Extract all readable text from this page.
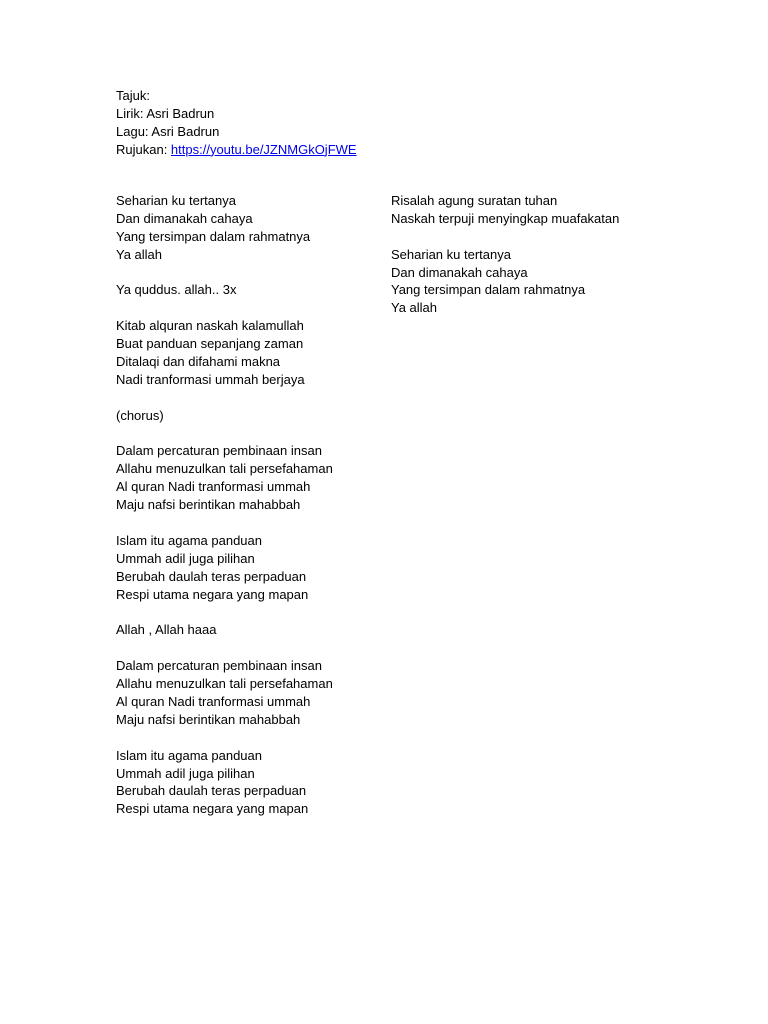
Tajuk:
Lirik: Asri Badrun
Lagu: Asri Badrun
Rujukan: https://youtu.be/JZNMGkOjFWE
Seharian ku tertanya
Dan dimanakah cahaya
Yang tersimpan dalam rahmatnya
Ya allah
Ya quddus. allah.. 3x
Kitab alquran naskah kalamullah
Buat panduan sepanjang zaman
Ditalaqi dan difahami makna
Nadi tranformasi ummah berjaya
(chorus)
Dalam percaturan pembinaan insan
Allahu menuzulkan tali persefahaman
Al quran Nadi tranformasi ummah
Maju nafsi berintikan mahabbah
Islam itu agama panduan
Ummah adil juga pilihan
Berubah daulah teras perpaduan
Respi utama negara yang mapan
Allah , Allah haaa
Dalam percaturan pembinaan insan
Allahu menuzulkan tali persefahaman
Al quran Nadi tranformasi ummah
Maju nafsi berintikan mahabbah
Islam itu agama panduan
Ummah adil juga pilihan
Berubah daulah teras perpaduan
Respi utama negara yang mapan
Risalah agung suratan tuhan
Naskah terpuji menyingkap muafakatan
Seharian ku tertanya
Dan dimanakah cahaya
Yang tersimpan dalam rahmatnya
Ya allah
